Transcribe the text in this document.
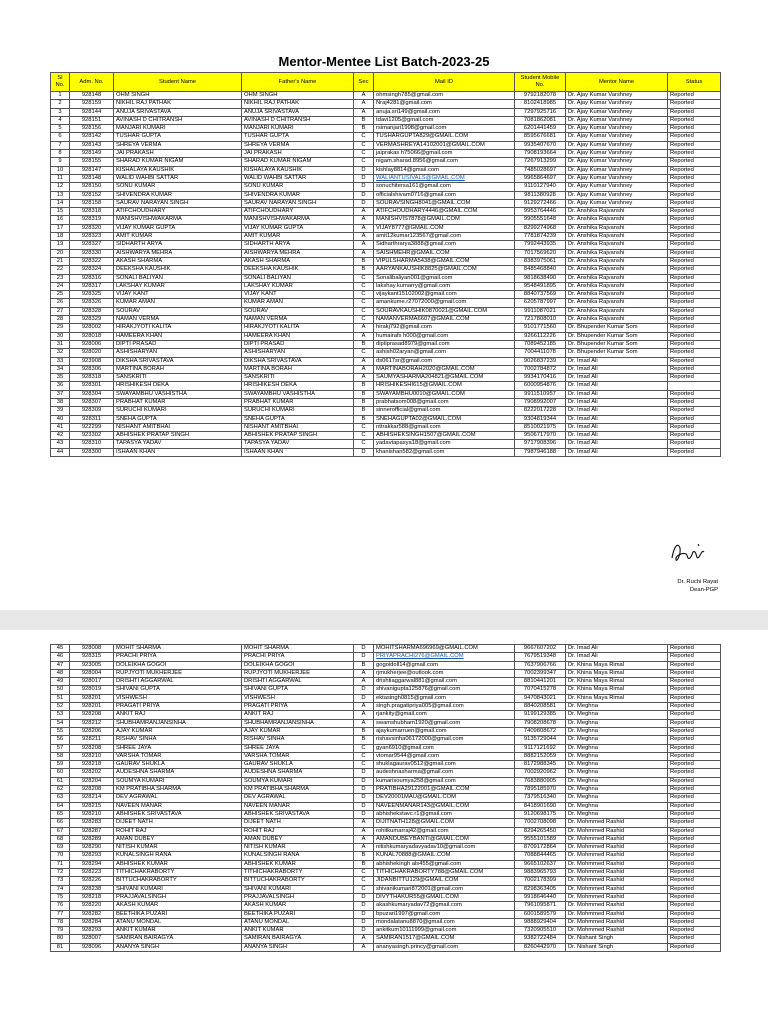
Mentor-Mentee List Batch-2023-25
Sl No.	Adm. No.	Student Name	Father's Name	Sec	Mail ID	Student Mobile No.	Mentor Name	Status
1	928148	OHM SINGH	OHM SINGH	A	ohmsingh785@gmail.com	9792182078	Dr. Ajay Kumar Varshney	Reported
2	928159	NIKHIL RAJ PATHAK	NIKHIL RAJ PATHAK	A	Nraj4281@gmail.com	8102418985	Dr. Ajay Kumar Varshney	Reported
3	928144	ANUJA SRIVASTAVA	ANUJA SRIVASTAVA	A	anuja.sri149@gmail.com	7297925716	Dr. Ajay Kumar Varshney	Reported
4	928151	AVINASH D CHITRANSH	AVINASH D CHITRANSH	B	tdavi1205@gmail.com	7081862081	Dr. Ajay Kumar Varshney	Reported
5	928156	MANJARI KUMARI	MANJARI KUMARI	B	rsimanjari1998@gmail.com	6201441459	Dr. Ajay Kumar Varshney	Reported
6	928142	TUSHAR GUPTA	TUSHAR GUPTA	C	TUSHARGUPTA829@GMAIL.COM	8595676681	Dr. Ajay Kumar Varshney	Reported
7	928143	SHREYA VERMA	SHREYA VERMA	C	VERMASHREYA14102001@GMAIL.COM	9935407670	Dr. Ajay Kumar Varshney	Reported
8	928149	JAI PRAKASH	JAI PRAKASH	C	jaiprakas h75066@gmail.com	7908193664	Dr. Ajay Kumar Varshney	Reported
9	928155	SHARAD KUMAR NIGAM	SHARAD KUMAR NIGAM	C	nigam.sharad.8956@gmail.com	7267913299	Dr. Ajay Kumar Varshney	Reported
10	928147	KISHALAYA KAUSHIK	KISHALAYA KAUSHIK	D	kishlay8814@gmail.com	7485028697	Dr. Ajay Kumar Varshney	Reported
11	928148	WALID WAHBI SATTAR	WALID WAHBI SATTAR	D	WALIANTUSIVALS@GMAIL.COM	9965864697	Dr. Ajay Kumar Varshney	Reported
12	928150	SONU KUMAR	SONU KUMAR	D	sonuchitersa161@gmail.com	9110127940	Dr. Ajay Kumar Varshney	Reported
13	928152	SHIVENDRA KUMAR	SHIVENDRA KUMAR	D	officialshivam0716@gmail.com	9811380928	Dr. Ajay Kumar Varshney	Reported
14	928158	SAURAV NARAYAN SINGH	SAURAV NARAYAN SINGH	D	SOURAVSINGH8041@GMAIL.COM	9129272466	Dr. Ajay Kumar Varshney	Reported
15	928318	ATIFCHOUDHARY	ATIFCHOUDHARY	A	ATIFCHOUDHARY4446@GMAIL.COM	9953764446	Dr. Anshika Rajvanshi	Reported
16	928319	MANISHVISHWAKARMA	MANISHVISHWAKARMA	A	MANISHVIS7878@GMAIL.COM	9905551648	Dr. Anshika Rajvanshi	Reported
17	928320	VIJAY KUMAR GUPTA	VIJAY KUMAR GUPTA	A	VIJAY8777@GMAIL.COM	8299274968	Dr. Anshika Rajvanshi	Reported
18	928323	AMIT KUMAR	AMIT KUMAR	A	amit12kumar123567@gmail.com	7781874239	Dr. Anshika Rajvanshi	Reported
19	928327	SIDHARTH ARYA	SIDHARTH ARYA	A	Sidharthrarya3888@gmail.com	7992443935	Dr. Anshika Rajvanshi	Reported
20	928330	AISHWARYA MEHRA	AISHWARYA MEHRA	A	SAISHMEHR@GMAIL.COM	7017569620	Dr. Anshika Rajvanshi	Reported
21	928322	AKASH SHARMA	AKASH SHARMA	B	VIPULSHARMA5438@GMAIL.COM	8383975061	Dr. Anshika Rajvanshi	Reported
22	928324	DEEKSHA KAUSHIK	DEEKSHA KAUSHIK	B	AARYANKAUSHIK8825@GMAIL.COM	8485468840	Dr. Anshika Rajvanshi	Reported
23	928316	SONALI BALIYAN	SONALI BALIYAN	C	Sonalibaliyan001@gmail.com	9818638490	Dr. Anshika Rajvanshi	Reported
24	928317	LAKSHAY KUMAR	LAKSHAY KUMAR	C	lakshay.kumarry@gmail.com	9548491895	Dr. Anshika Rajvanshi	Reported
25	928325	VIJAY KANT	VIJAY KANT	C	vijaykant15102002@gmail.com	8840737569	Dr. Anshika Rajvanshi	Reported
26	928326	KUMAR AMAN	KUMAR AMAN	C	amankume.r27072000@gmail.com	6205787997	Dr. Anshika Rajvanshi	Reported
27	928328	SOURAV	SOURAV	C	SOURAVKAUSHIK0870021@GMAIL.COM	9911087021	Dr. Anshika Rajvanshi	Reported
28	928329	NAMAN VERMA	NAMAN VERMA	C	NAMANVERMA6607@GMAIL.COM	7217808010	Dr. Anshika Rajvanshi	Reported
29	928002	HIRAKJYOTI KALITA	HIRAKJYOTI KALITA	A	hirakj792@gmail.com	9101771560	Dr. Bhupender Kumar Som	Reported
30	928018	HAMEERA KHAN	HAMEERA KHAN	A	humairafs h000@gmail.com	9266112226	Dr. Bhupender Kumar Som	Reported
31	928006	DIPTI PRASAD	DIPTI PRASAD	B	diptiprasad8979@gmail.com	7089452185	Dr. Bhupender Kumar Som	Reported
32	928020	ASHISHARYAN	ASHISHARYAN	C	ashish02aryan@gmail.com	7004411078	Dr. Bhupender Kumar Som	Reported
33	923908	DIKSHA SRIVASTAVA	DIKSHA SRIVASTAVA	A	ds0617sr@gmail.com	9026837239	Dr. Imad Ali	Reported
34	928306	MARTINA BORAH	MARTINA BORAH	A	MARTINABORAH2020@GMAIL.COM	7002784872	Dr. Imad Ali	Reported
35	928318	SANSKRITI	SANSKRITI	A	SAUMYASHARMA204821@GMAIL.COM	9934170416	Dr. Imad Ali	Reported
36	928301	HRISHIKESH DEKA	HRISHIKESH DEKA	B	HRISHIKESHI615@GMAIL.COM	6000954876	Dr. Imad Ali	
37	928304	SWAYAMBHU VASHISTHA	SWAYAMBHU VASHISTHA	B	SWAYAMBHU0010@GMAIL.COM	9911510957	Dr. Imad Ali	Reported
38	928307	PRABHAT KUMAR	PRABHAT KUMAR	B	prabhatsom008@gmail.com	7908992007	Dr. Imad Ali	Reported
39	928309	SURUCHI KUMARI	SURUCHI KUMARI	B	sinnerofficial@gmail.com	8222017228	Dr. Imad Ali	Reported
40	928311	SNEHA GUPTA	SNEHA GUPTA	B	SNEHAGUPTA02@GMAIL.COM	9304819344	Dr. Imad Ali	Reported
41	922299	NISHANT AMITBHAI	NISHANT AMITBHAI	C	nttrakkar588@gmail.com	8510021975	Dr. Imad Ali	Reported
42	923302	ABHISHEK PRATAP SINGH	ABHISHEK PRATAP SINGH	C	ABHISHEKSINGH1507@GMAIL.COM	9506717970	Dr. Imad Ali	Reported
43	928310	TAPASYA YADAV	TAPASYA YADAV	C	yadavtapasya18@gmail.com	9717908396	Dr. Imad Ali	Reported
44	928300	ISHAAN KHAN	ISHAAN KHAN	D	khanishan582@gmail.com	7987946188	Dr. Imad Ali	Reported
Dr. Ruchi Rayat
Dean-PGP
45	928008	MOHIT SHARMA	MOHIT SHARMA	D	MOHITSHARMA696969@GMAIL.COM	9667607202	Dr. Imad Ali	Reported
46	928315	PRACHI PRIYA	PRACHI PRIYA	D	PRIYAPRACHI276@GMAIL.COM	7679519348	Dr. Imad Ali	Reported
47	923005	DOLEIKHA GOGOI	DOLEIKHA GOGOI	B	gogoidoll14@gmail.com	7637906766	Dr. Khina Maya Rimal	Reported
48	928004	RUPJYOTI MUKHERJEE	RUPJYOTI MUKHERJEE	A	rjmukherjee@outlook.com	7002399347	Dr. Khina Maya Rimal	Reported
49	928017	DRISHTI AGGARWAL	DRISHTI AGGARWAL	A	drishtiaggarwal881@gmail.com	8810441201	Dr. Khina Maya Rimal	Reported
50	928019	SHIVANI GUPTA	SHIVANI GUPTA	D	shivanigupta125876@gmail.com	7070415278	Dr. Khina Maya Rimal	Reported
51	928201	VISHWESH	VISHWESH	D	ektasingh0815@gmail.com	9470843021	Dr. Khina Maya Rimal	Reported
52	928201	PRAGATI PRIYA	PRAGATI PRIYA	A	singh.pragatipriya005@gmail.com	8840208581	Dr. Meghna	Reported
53	928208	ANKIT RAJ	ANKIT RAJ	A	rjankity@gmail.com	9199129385	Dr. Meghna	Reported
54	928212	SHUBHAMRANJANSINHA	SHUBHAMRANJANSINHA	A	swamshubham1920@gmail.com	7908208678	Dr. Meghna	Reported
55	928206	AJAY KUMAR	AJAY KUMAR	B	ajaykumarruen@gmail.com	7409808672	Dr. Meghna	Reported
56	928211	RISHAV SINHA	RISHAV SINHA	B	rishavsinha06172000@gmail.com	9135729044	Dr. Meghna	Reported
57	928208	SHREE JAYA	SHREE JAYA	C	gyan6910@gmail.com	9117121692	Dr. Meghna	Reported
58	928210	VARSHA TOMAR	VARSHA TOMAR	C	vtomar9544@gmail.com	8882152059	Dr. Meghna	Reported
59	928218	GAURAV SHUKLA	GAURAV SHUKLA	C	shuklagaurav0512@gmail.com	8172988345	Dr. Meghna	Reported
60	928202	AUDESHNA SHARMA	AUDESHNA SHARMA	D	audeshnasharma@gmail.com	7002920962	Dr. Meghna	Reported
61	928204	SOUMYA KUMARI	SOUMYA KUMARI	D	kumarisoumya258@gmail.com	7683880905	Dr. Meghna	Reported
62	928208	KM PRATIBHA SHARMA	KM PRATIBHA SHARMA	D	PRATIBHA29122001@GMAIL.COM	7895185970	Dr. Meghna	Reported
63	928214	DEV AGRAWAL	DEV AGRAWAL	D	DEV20001MAU@GMAIL.COM	7379516340	Dr. Meghna	Reported
64	928215	NAVEEN MANAR	NAVEEN MANAR	D	NAVEENMANAR143@GMAIL.COM	8418901690	Dr. Meghna	Reported
65	928210	ABHISHEK SRIVASTAVA	ABHISHEK SRIVASTAVA	D	abhishekstavc.r1@gmail.com	9120698175	Dr. Meghna	Reported
66	928283	DIJEET NATH	DIJEET NATH	A	DIJITNATH128@GMAIL.COM	7002708098	Dr. Mohmmed Rashid	Reported
67	928287	ROHIT RAJ	ROHIT RAJ	A	rohitkumarraj42@gmail.com	8294265450	Dr. Mohmmed Rashid	Reported
68	928289	AMAN DUBEY	AMAN DUBEY	A	AMANDUBEYBANTI@GMAIL.COM	9555101589	Dr. Mohmmed Rashid	Reported
69	928290	NITISH KUMAR	NITISH KUMAR	A	nitishkumaryadavyadav10@gmail.com	8709172864	Dr. Mohmmed Rashid	Reported
70	928293	KUNALSINGH RANA	KUNALSINGH RANA	B	KUNAL70888@GMAIL.COM	7088844465	Dr. Mohmmed Rashid	Reported
71	928294	ABHISHEK KUMAR	ABHISHEK KUMAR	B	abhishekingh als455@gmail.com	9665102637	Dr. Mohmmed Rashid	Reported
72	928223	TITHICHAKRABORTY	TITHICHAKRABORTY	C	TITHICHAKRABORTY788@GMAIL.COM	9883965793	Dr. Mohmmed Rashid	Reported
73	928226	BITTUCHAKRABORTY	BITTUCHAKRABORTY	C	JIDANBITTU129@GMAIL.COM	7002178399	Dr. Mohmmed Rashid	Reported
74	928238	SHIVANI KUMARI	SHIVANI KUMARI	C	shivanikumari872001@gmail.com	8298363405	Dr. Mohmmed Rashid	Reported
75	928218	PRAJJAVALSINGH	PRAJJAVALSINGH	D	DIVYTHAKUR55@GMAIL.COM	9918646440	Dr. Mohmmed Rashid	Reported
76	928220	AKASH KUMAR	AKASH KUMAR	D	akashkumaryadav72@gmail.com	7961095871	Dr. Mohmmed Rashid	Reported
77	928282	BEETHIKA PUZARI	BEETHIKA PUZARI	D	bpuzari1997@gmail.com	6001589579	Dr. Mohmmed Rashid	Reported
78	928284	ATANU MONDAL	ATANU MONDAL	D	mondalatanu8870@gmail.com	9888929404	Dr. Mohmmed Rashid	Reported
79	928293	ANKIT KUMAR	ANKIT KUMAR	D	ankitkum10111999@gmail.com	7320905510	Dr. Mohmmed Rashid	Reported
80	928007	SAMIRAN BAIRAGYA	SAMIRAN BAIRAGYA	A	SAMIRAN1517@GMAIL.COM	9382722484	Dr. Nishant Singh	Reported
81	928096	ANANYA SINGH	ANANYA SINGH	A	ananyasingh.princy@gmail.com	8260442970	Dr. Nishant Singh	Reported
